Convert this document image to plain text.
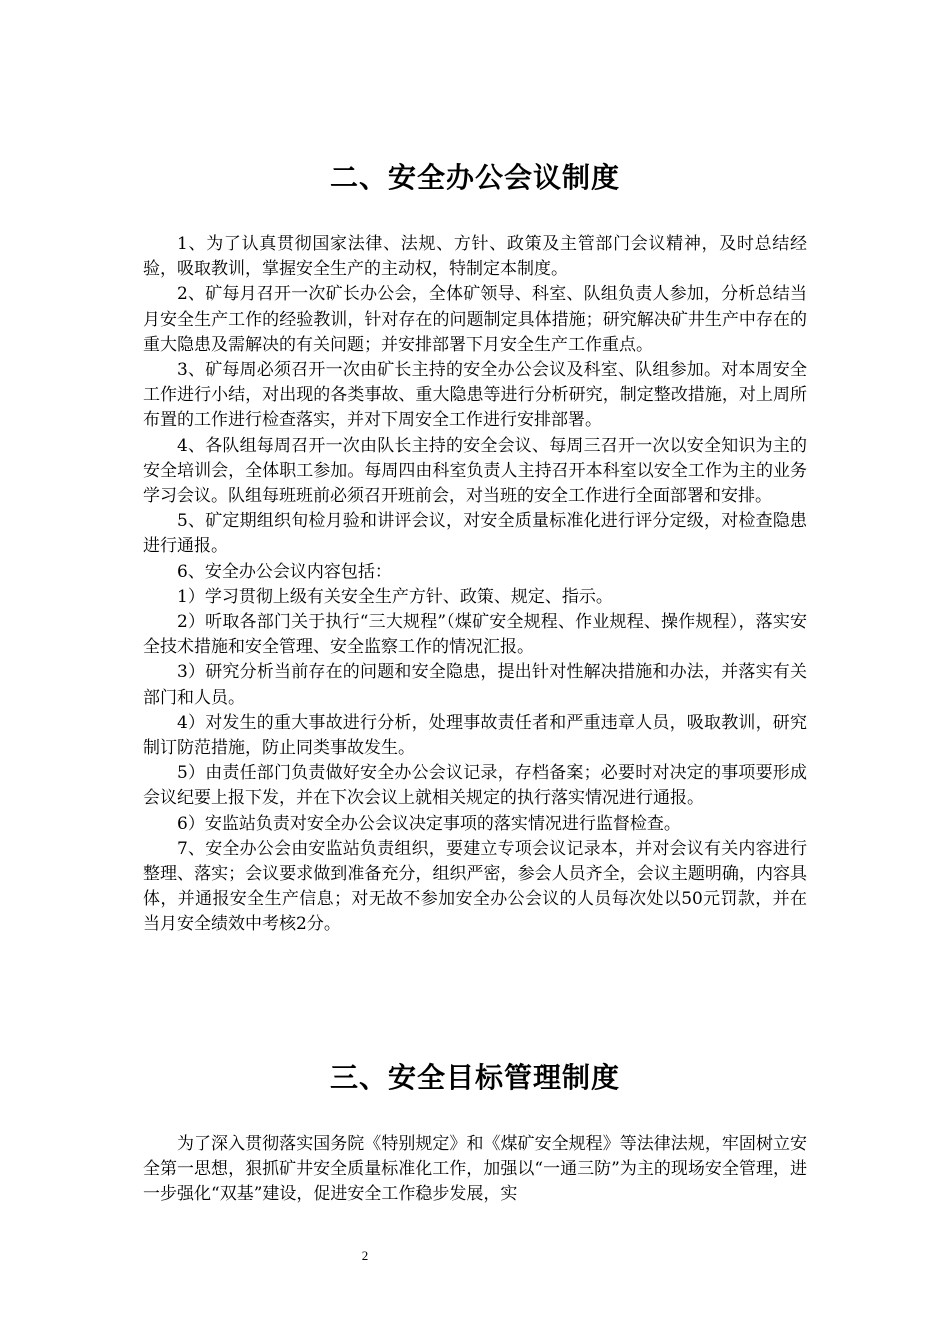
二、安全办公会议制度

1、为了认真贯彻国家法律、法规、方针、政策及主管部门会议精神，及时总结经验，吸取教训，掌握安全生产的主动权，特制定本制度。

2、矿每月召开一次矿长办公会，全体矿领导、科室、队组负责人参加，分析总结当月安全生产工作的经验教训，针对存在的问题制定具体措施；研究解决矿井生产中存在的重大隐患及需解决的有关问题；并安排部署下月安全生产工作重点。

3、矿每周必须召开一次由矿长主持的安全办公会议及科室、队组参加。对本周安全工作进行小结，对出现的各类事故、重大隐患等进行分析研究，制定整改措施，对上周所布置的工作进行检查落实，并对下周安全工作进行安排部署。

4、各队组每周召开一次由队长主持的安全会议、每周三召开一次以安全知识为主的安全培训会，全体职工参加。每周四由科室负责人主持召开本科室以安全工作为主的业务学习会议。队组每班班前必须召开班前会，对当班的安全工作进行全面部署和安排。

5、矿定期组织旬检月验和讲评会议，对安全质量标准化进行评分定级，对检查隐患进行通报。

6、安全办公会议内容包括：

1）学习贯彻上级有关安全生产方针、政策、规定、指示。

2）听取各部门关于执行“三大规程”（煤矿安全规程、作业规程、操作规程），落实安全技术措施和安全管理、安全监察工作的情况汇报。

3）研究分析当前存在的问题和安全隐患，提出针对性解决措施和办法，并落实有关部门和人员。

4）对发生的重大事故进行分析，处理事故责任者和严重违章人员，吸取教训，研究制订防范措施，防止同类事故发生。

5）由责任部门负责做好安全办公会议记录，存档备案；必要时对决定的事项要形成会议纪要上报下发，并在下次会议上就相关规定的执行落实情况进行通报。

6）安监站负责对安全办公会议决定事项的落实情况进行监督检查。

7、安全办公会由安监站负责组织，要建立专项会议记录本，并对会议有关内容进行整理、落实；会议要求做到准备充分，组织严密，参会人员齐全，会议主题明确，内容具体，并通报安全生产信息；对无故不参加安全办公会议的人员每次处以50元罚款，并在当月安全绩效中考核2分。

三、安全目标管理制度

为了深入贯彻落实国务院《特别规定》和《煤矿安全规程》等法律法规，牢固树立安全第一思想，狠抓矿井安全质量标准化工作，加强以“一通三防”为主的现场安全管理，进一步强化“双基”建设，促进安全工作稳步发展，实

2
